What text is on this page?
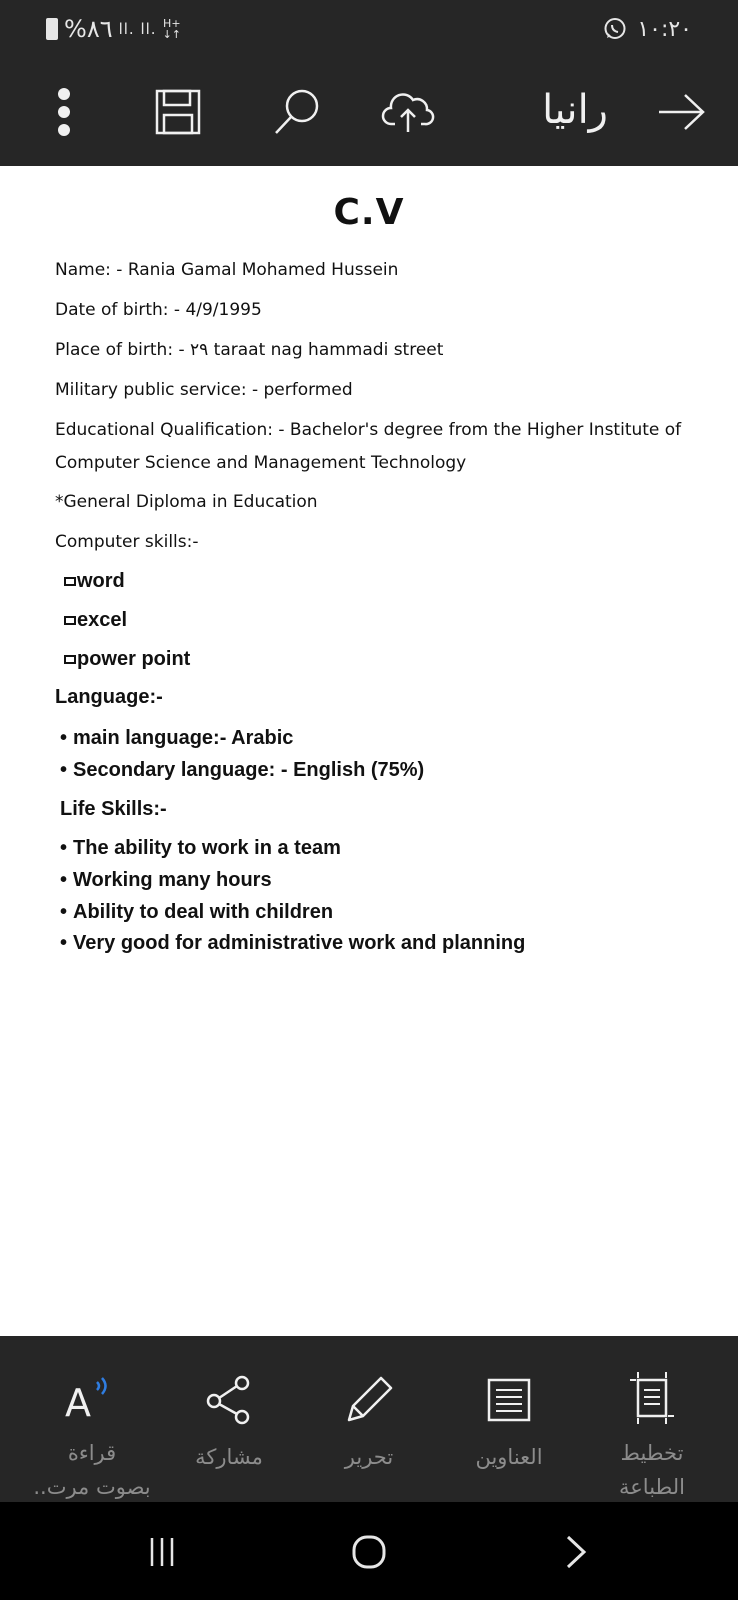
%٨٦ ll. ll. H+
↓↑	١٠:٢٠
رانيا
C.V
Name: - Rania Gamal Mohamed Hussein
Date of birth: - 4/9/1995
Place of birth: - ٢٩ taraat nag hammadi street
Military public service: - performed
Educational Qualification: - Bachelor's degree from the Higher Institute of
Computer Science and Management Technology
*General Diploma in Education
Computer skills:-
word
excel
power point
Language:-
• main language:- Arabic
• Secondary language: - English (75%)
Life Skills:-
• The ability to work in a team
• Working many hours
• Ability to deal with children
• Very good for administrative work and planning
A
قراءة
بصوت مرت..
مشاركة	تحرير	العناوين	تخطيط
الطباعة
